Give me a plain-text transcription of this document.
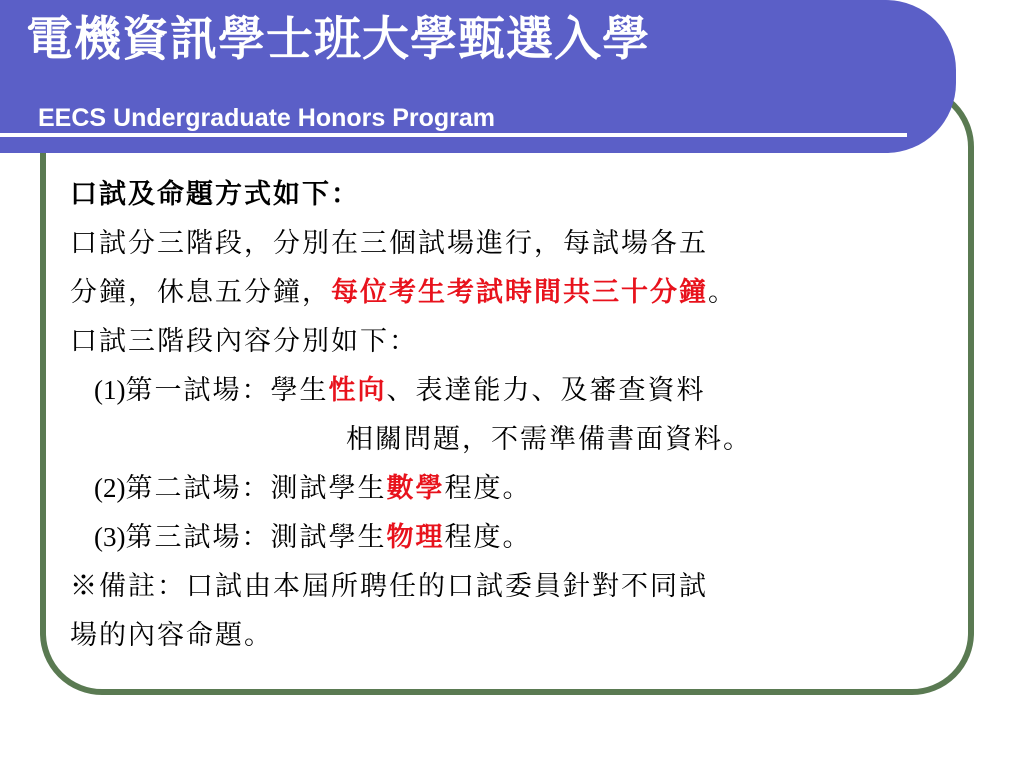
電機資訊學士班大學甄選入學
EECS Undergraduate Honors Program
口試及命題方式如下：
口試分三階段，分別在三個試場進行，每試場各五
分鐘，休息五分鐘，每位考生考試時間共三十分鐘。
口試三階段內容分別如下：
(1)第一試場：學生性向、表達能力、及審查資料
相關問題，不需準備書面資料。
(2)第二試場：測試學生數學程度。
(3)第三試場：測試學生物理程度。
※備註：口試由本屆所聘任的口試委員針對不同試
場的內容命題。
